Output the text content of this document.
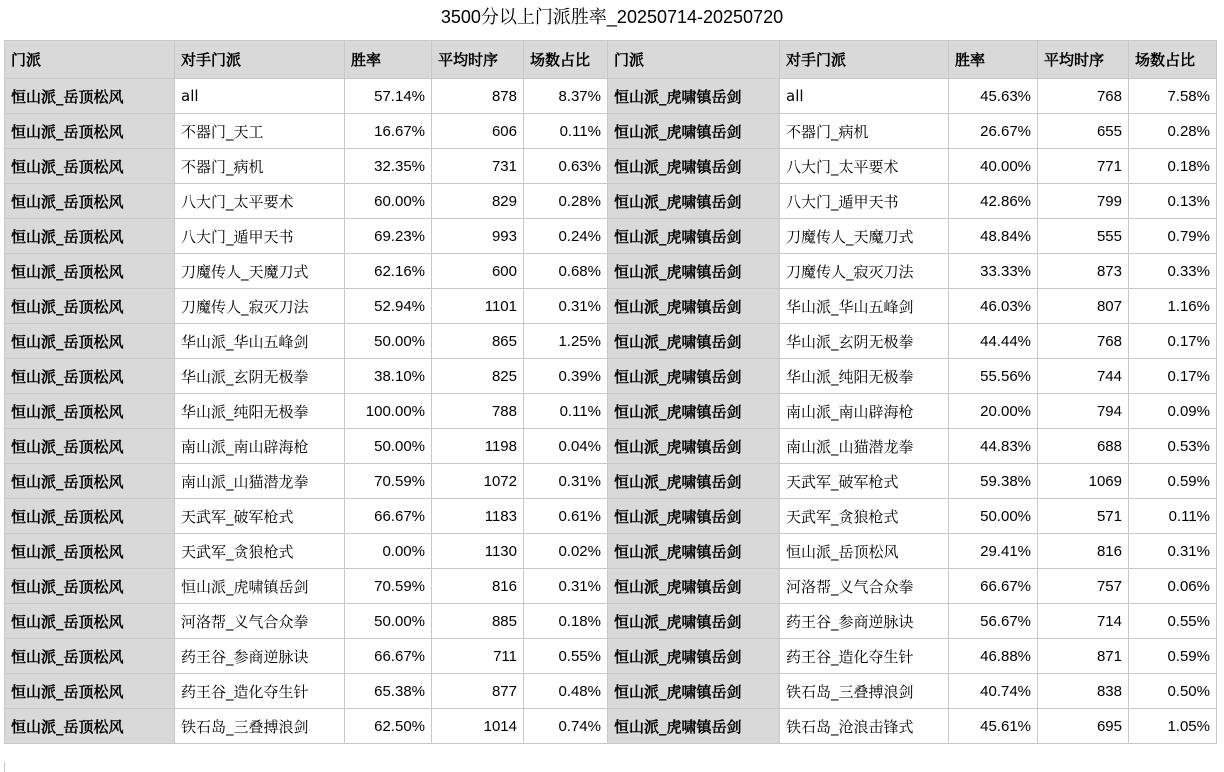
3500分以上门派胜率_20250714-20250720
门派	对手门派	胜率	平均时序	场数占比	门派	对手门派	胜率	平均时序	场数占比
恒山派_岳顶松风	all	57.14%	878	8.37%	恒山派_虎啸镇岳剑	all	45.63%	768	7.58%
恒山派_岳顶松风	不器门_天工	16.67%	606	0.11%	恒山派_虎啸镇岳剑	不器门_病机	26.67%	655	0.28%
恒山派_岳顶松风	不器门_病机	32.35%	731	0.63%	恒山派_虎啸镇岳剑	八大门_太平要术	40.00%	771	0.18%
恒山派_岳顶松风	八大门_太平要术	60.00%	829	0.28%	恒山派_虎啸镇岳剑	八大门_遁甲天书	42.86%	799	0.13%
恒山派_岳顶松风	八大门_遁甲天书	69.23%	993	0.24%	恒山派_虎啸镇岳剑	刀魔传人_天魔刀式	48.84%	555	0.79%
恒山派_岳顶松风	刀魔传人_天魔刀式	62.16%	600	0.68%	恒山派_虎啸镇岳剑	刀魔传人_寂灭刀法	33.33%	873	0.33%
恒山派_岳顶松风	刀魔传人_寂灭刀法	52.94%	1101	0.31%	恒山派_虎啸镇岳剑	华山派_华山五峰剑	46.03%	807	1.16%
恒山派_岳顶松风	华山派_华山五峰剑	50.00%	865	1.25%	恒山派_虎啸镇岳剑	华山派_玄阴无极拳	44.44%	768	0.17%
恒山派_岳顶松风	华山派_玄阴无极拳	38.10%	825	0.39%	恒山派_虎啸镇岳剑	华山派_纯阳无极拳	55.56%	744	0.17%
恒山派_岳顶松风	华山派_纯阳无极拳	100.00%	788	0.11%	恒山派_虎啸镇岳剑	南山派_南山辟海枪	20.00%	794	0.09%
恒山派_岳顶松风	南山派_南山辟海枪	50.00%	1198	0.04%	恒山派_虎啸镇岳剑	南山派_山猫潜龙拳	44.83%	688	0.53%
恒山派_岳顶松风	南山派_山猫潜龙拳	70.59%	1072	0.31%	恒山派_虎啸镇岳剑	天武军_破军枪式	59.38%	1069	0.59%
恒山派_岳顶松风	天武军_破军枪式	66.67%	1183	0.61%	恒山派_虎啸镇岳剑	天武军_贪狼枪式	50.00%	571	0.11%
恒山派_岳顶松风	天武军_贪狼枪式	0.00%	1130	0.02%	恒山派_虎啸镇岳剑	恒山派_岳顶松风	29.41%	816	0.31%
恒山派_岳顶松风	恒山派_虎啸镇岳剑	70.59%	816	0.31%	恒山派_虎啸镇岳剑	河洛帮_义气合众拳	66.67%	757	0.06%
恒山派_岳顶松风	河洛帮_义气合众拳	50.00%	885	0.18%	恒山派_虎啸镇岳剑	药王谷_参商逆脉诀	56.67%	714	0.55%
恒山派_岳顶松风	药王谷_参商逆脉诀	66.67%	711	0.55%	恒山派_虎啸镇岳剑	药王谷_造化夺生针	46.88%	871	0.59%
恒山派_岳顶松风	药王谷_造化夺生针	65.38%	877	0.48%	恒山派_虎啸镇岳剑	铁石岛_三叠搏浪剑	40.74%	838	0.50%
恒山派_岳顶松风	铁石岛_三叠搏浪剑	62.50%	1014	0.74%	恒山派_虎啸镇岳剑	铁石岛_沧浪击锋式	45.61%	695	1.05%
